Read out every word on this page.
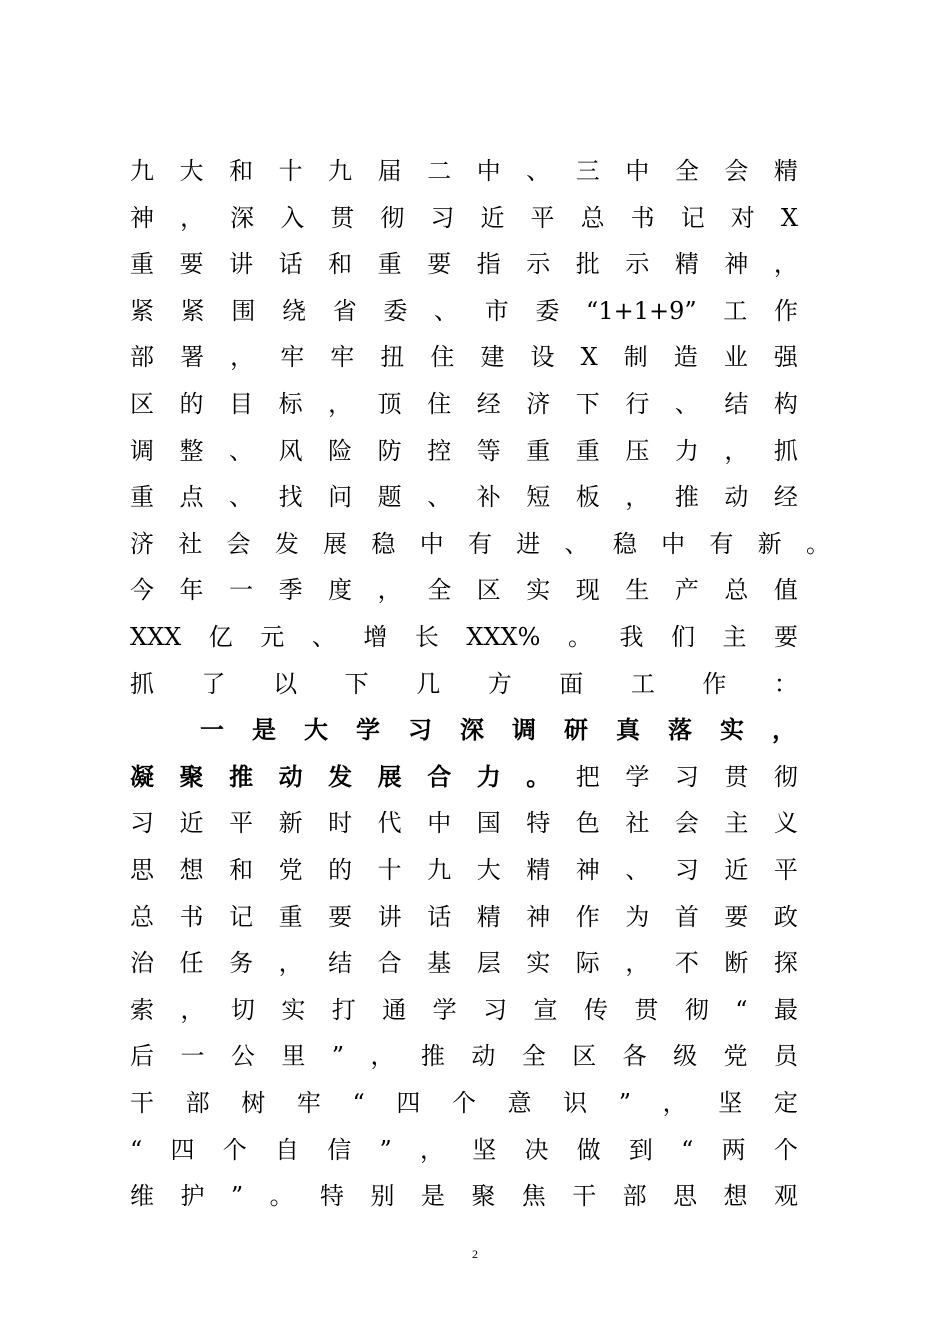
九 大 和 十 九 届 二 中 、 三 中 全 会 精
神 ， 深 入 贯 彻 习 近 平 总 书 记 对 X
重 要 讲 话 和 重 要 指 示 批 示 精 神 ，
紧 紧 围 绕 省 委 、 市 委 “1+1+9” 工 作
部 署 ， 牢 牢 扭 住 建 设 X 制 造 业 强
区 的 目 标 ， 顶 住 经 济 下 行 、 结 构
调 整 、 风 险 防 控 等 重 重 压 力 ， 抓
重 点 、 找 问 题 、 补 短 板 ， 推 动 经
济 社 会 发 展 稳 中 有 进 、 稳 中 有 新 。
今 年 一 季 度 ， 全 区 实 现 生 产 总 值
XXX 亿 元 、 增 长 XXX% 。 我 们 主 要
抓 了 以 下 几 方 面 工 作 ：
一 是 大 学 习 深 调 研 真 落 实 ，
凝 聚 推 动 发 展 合 力 。 把 学 习 贯 彻
习 近 平 新 时 代 中 国 特 色 社 会 主 义
思 想 和 党 的 十 九 大 精 神 、 习 近 平
总 书 记 重 要 讲 话 精 神 作 为 首 要 政
治 任 务 ， 结 合 基 层 实 际 ， 不 断 探
索 ， 切 实 打 通 学 习 宣 传 贯 彻 “ 最
后 一 公 里 ” ， 推 动 全 区 各 级 党 员
干 部 树 牢 “ 四 个 意 识 ” ， 坚 定
“ 四 个 自 信 ” ， 坚 决 做 到 “ 两 个
维 护 ” 。 特 别 是 聚 焦 干 部 思 想 观
2
